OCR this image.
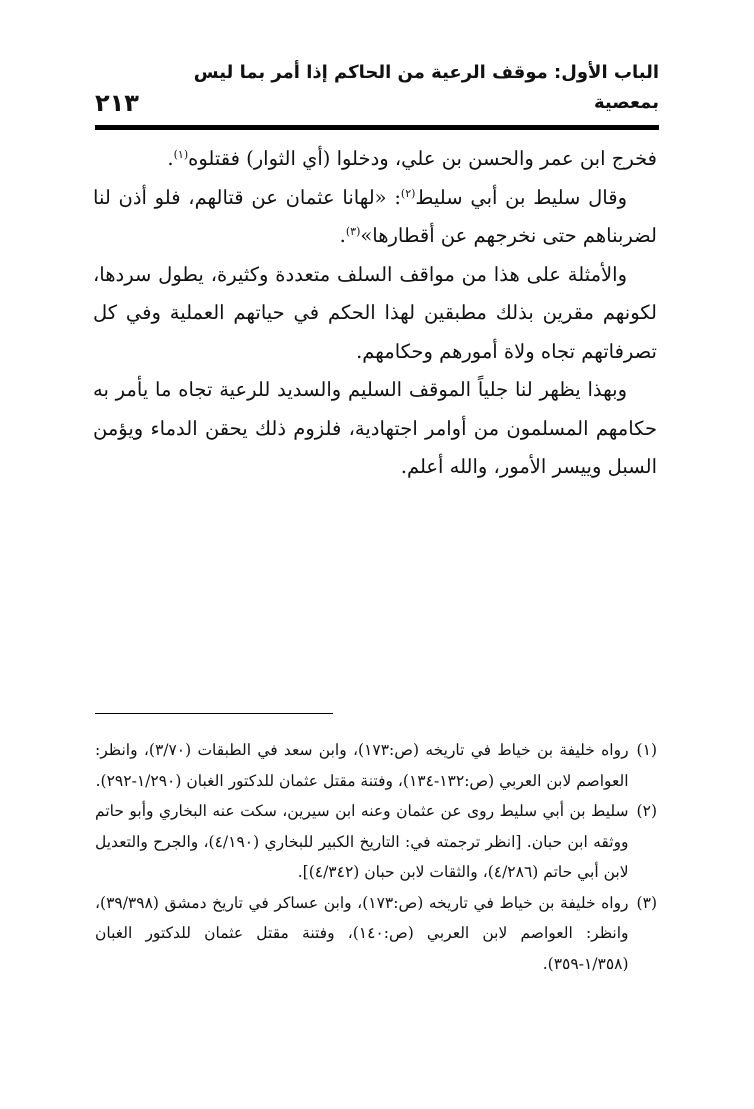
الباب الأول: موقف الرعية من الحاكم إذا أمر بما ليس بمعصية
٢١٣

فخرج ابن عمر والحسن بن علي، ودخلوا (أي الثوار) فقتلوه$^{(١)}$.

وقال سليط بن أبي سليط$^{(٢)}$: «لهانا عثمان عن قتالهم، فلو أذن لنا لضربناهم حتى نخرجهم عن أقطارها»$^{(٣)}$.

والأمثلة على هذا من مواقف السلف متعددة وكثيرة، يطول سردها، لكونهم مقرين بذلك مطبقين لهذا الحكم في حياتهم العملية وفي كل تصرفاتهم تجاه ولاة أمورهم وحكامهم.

وبهذا يظهر لنا جلياً الموقف السليم والسديد للرعية تجاه ما يأمر به حكامهم المسلمون من أوامر اجتهادية، فلزوم ذلك يحقن الدماء ويؤمن السبل وييسر الأمور، والله أعلم.

(١)
رواه خليفة بن خياط في تاريخه (ص:١٧٣)، وابن سعد في الطبقات (٣/٧٠)، وانظر: العواصم لابن العربي (ص:١٣٢-١٣٤)، وفتنة مقتل عثمان للدكتور الغبان (١/٢٩٠-٢٩٢).
(٢)
سليط بن أبي سليط روى عن عثمان وعنه ابن سيرين، سكت عنه البخاري وأبو حاتم ووثقه ابن حبان. [انظر ترجمته في: التاريخ الكبير للبخاري (٤/١٩٠)، والجرح والتعديل لابن أبي حاتم (٤/٢٨٦)، والثقات لابن حبان (٤/٣٤٢)].
(٣)
رواه خليفة بن خياط في تاريخه (ص:١٧٣)، وابن عساكر في تاريخ دمشق (٣٩/٣٩٨)، وانظر: العواصم لابن العربي (ص:١٤٠)، وفتنة مقتل عثمان للدكتور الغبان (١/٣٥٨-٣٥٩).
